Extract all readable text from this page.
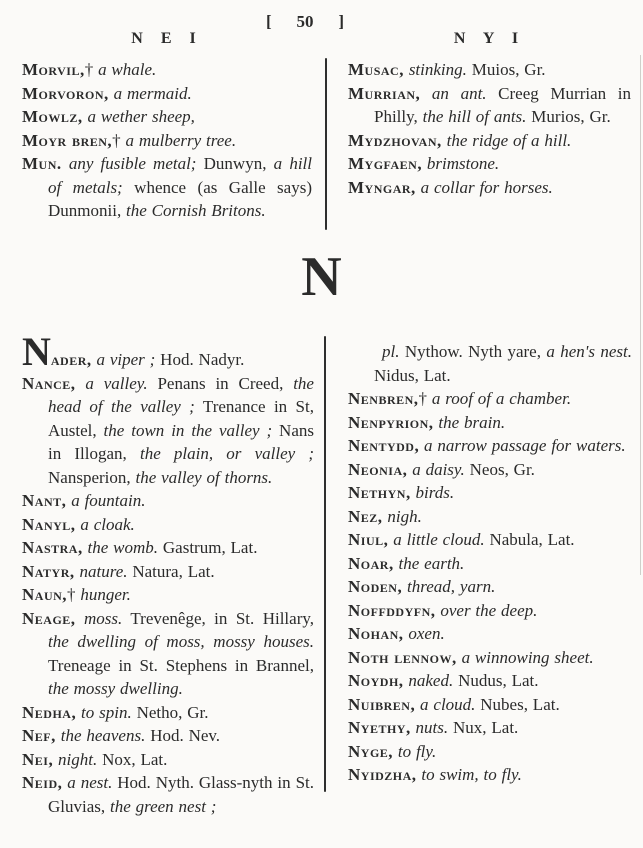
[ 50 ]
N E I	N Y I
Morvil,† a whale.
Morvoron, a mermaid.
Mowlz, a wether sheep,
Moyr bren,† a mulberry tree.
Mun. any fusible metal; Dunwyn, a hill of metals; whence (as Galle says) Dunmonii, the Cornish Britons.
Musac, stinking. Muios, Gr.
Murrian, an ant. Creeg Murrian in Philly, the hill of ants. Murios, Gr.
Mydzhovan, the ridge of a hill.
Mygfaen, brimstone.
Myngar, a collar for horses.
N
Nader, a viper ; Hod. Nadyr.
Nance, a valley. Penans in Creed, the head of the valley ; Trenance in St, Austel, the town in the valley ; Nans in Illogan, the plain, or valley ; Nansperion, the valley of thorns.
Nant, a fountain.
Nanyl, a cloak.
Nastra, the womb. Gastrum, Lat.
Natyr, nature. Natura, Lat.
Naun,† hunger.
Neage, moss. Trevenêge, in St. Hillary, the dwelling of moss, mossy houses. Treneage in St. Stephens in Brannel, the mossy dwelling.
Nedha, to spin. Netho, Gr.
Nef, the heavens. Hod. Nev.
Nei, night. Nox, Lat.
Neid, a nest. Hod. Nyth. Glass-nyth in St. Gluvias, the green nest ;
pl. Nythow. Nyth yare, a hen's nest. Nidus, Lat.
Nenbren,† a roof of a chamber.
Nenpyrion, the brain.
Nentydd, a narrow passage for waters.
Neonia, a daisy. Neos, Gr.
Nethyn, birds.
Nez, nigh.
Niul, a little cloud. Nabula, Lat.
Noar, the earth.
Noden, thread, yarn.
Noffddyfn, over the deep.
Nohan, oxen.
Noth lennow, a winnowing sheet.
Noydh, naked. Nudus, Lat.
Nuibren, a cloud. Nubes, Lat.
Nyethy, nuts. Nux, Lat.
Nyge, to fly.
Nyidzha, to swim, to fly.
